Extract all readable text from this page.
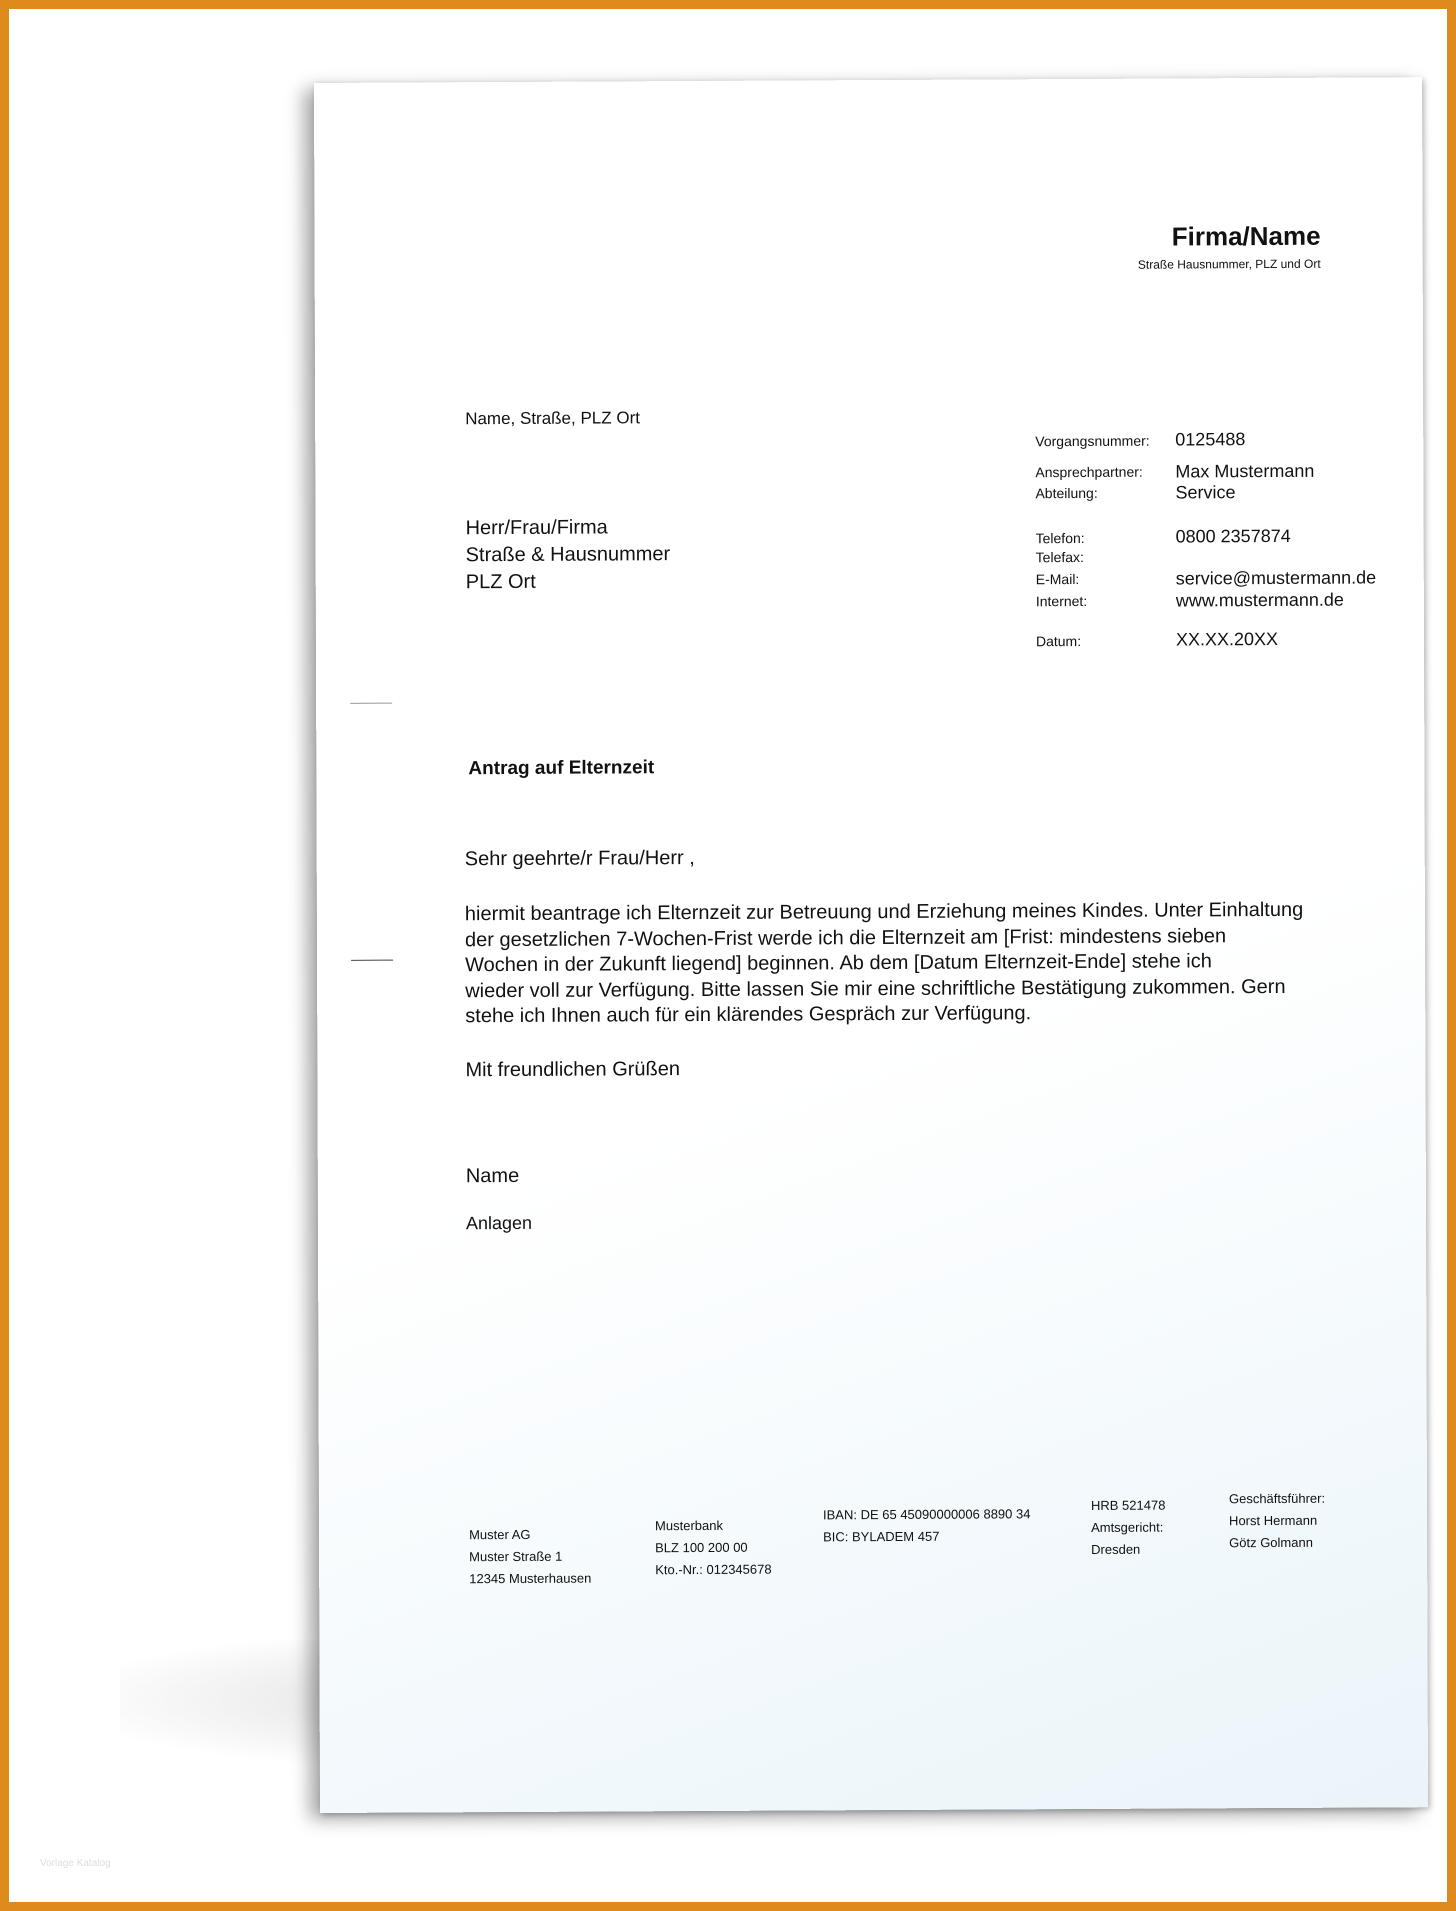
Firma/Name
Straße Hausnummer, PLZ und Ort
Name, Straße, PLZ Ort
Herr/Frau/Firma
Straße & Hausnummer
PLZ Ort
Vorgangsnummer: 0125488
Ansprechpartner: Max Mustermann
Abteilung:	Service
Telefon:	0800 2357874
Telefax:
E-Mail:	service@mustermann.de
Internet:	www.mustermann.de
Datum:	XX.XX.20XX
Antrag auf Elternzeit
Sehr geehrte/r Frau/Herr ,
hiermit beantrage ich Elternzeit zur Betreuung und Erziehung meines Kindes. Unter Einhaltung
der gesetzlichen 7-Wochen-Frist werde ich die Elternzeit am [Frist: mindestens sieben
Wochen in der Zukunft liegend] beginnen. Ab dem [Datum Elternzeit-Ende] stehe ich
wieder voll zur Verfügung. Bitte lassen Sie mir eine schriftliche Bestätigung zukommen. Gern
stehe ich Ihnen auch für ein klärendes Gespräch zur Verfügung.
Mit freundlichen Grüßen
Name
Anlagen
Muster AG
Muster Straße 1
12345 Musterhausen
Musterbank
BLZ 100 200 00
Kto.-Nr.: 012345678
IBAN: DE 65 45090000006 8890 34
BIC: BYLADEM 457
HRB 521478
Amtsgericht:
Dresden
Geschäftsführer:
Horst Hermann
Götz Golmann
Vorlage Katalog
